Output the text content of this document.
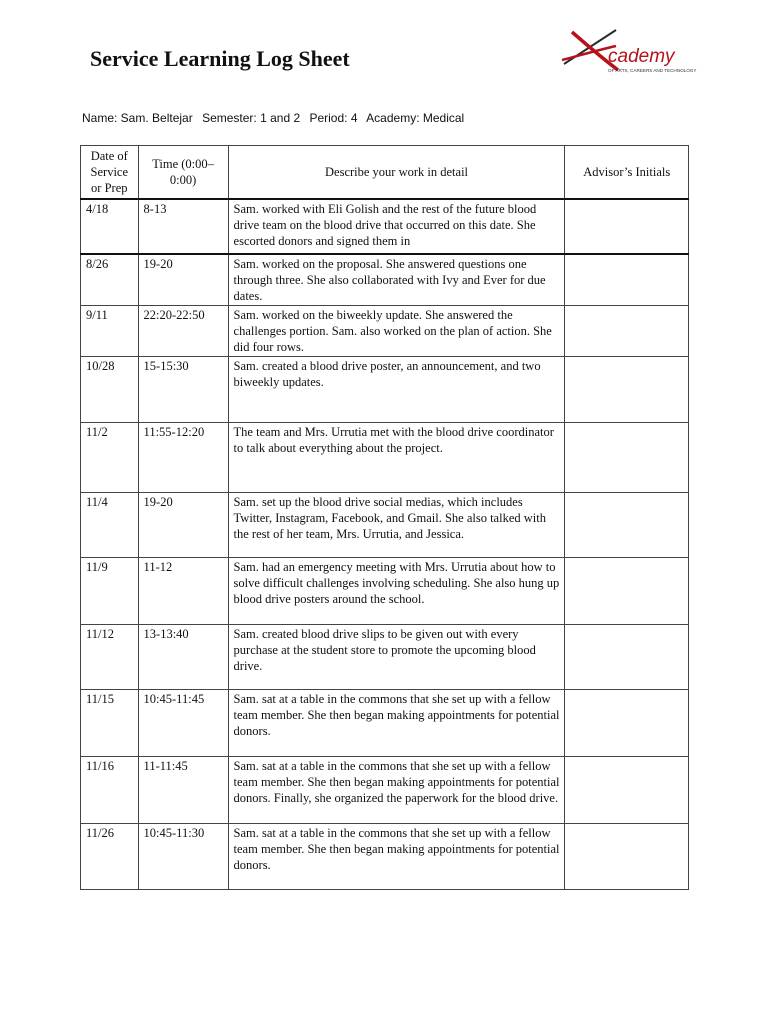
Service Learning Log Sheet	cademy
OF ARTS, CAREERS AND TECHNOLOGY
Name: Sam. Beltejar Semester: 1 and 2 Period: 4 Academy: Medical
Date of Service or Prep	Time (0:00–0:00)	Describe your work in detail	Advisor’s Initials
4/18	8-13	Sam. worked with Eli Golish and the rest of the future blood drive team on the blood drive that occurred on this date. She escorted donors and signed them in	
8/26	19-20	Sam. worked on the proposal. She answered questions one through three. She also collaborated with Ivy and Ever for due dates.	
9/11	22:20-22:50	Sam. worked on the biweekly update. She answered the challenges portion. Sam. also worked on the plan of action. She did four rows.	
10/28	15-15:30	Sam. created a blood drive poster, an announcement, and two biweekly updates.	
11/2	11:55-12:20	The team and Mrs. Urrutia met with the blood drive coordinator to talk about everything about the project.	
11/4	19-20	Sam. set up the blood drive social medias, which includes Twitter, Instagram, Facebook, and Gmail. She also talked with the rest of her team, Mrs. Urrutia, and Jessica.	
11/9	11-12	Sam. had an emergency meeting with Mrs. Urrutia about how to solve difficult challenges involving scheduling. She also hung up blood drive posters around the school.	
11/12	13-13:40	Sam. created blood drive slips to be given out with every purchase at the student store to promote the upcoming blood drive.	
11/15	10:45-11:45	Sam. sat at a table in the commons that she set up with a fellow team member. She then began making appointments for potential donors.	
11/16	11-11:45	Sam. sat at a table in the commons that she set up with a fellow team member. She then began making appointments for potential donors. Finally, she organized the paperwork for the blood drive.	
11/26	10:45-11:30	Sam. sat at a table in the commons that she set up with a fellow team member. She then began making appointments for potential donors.	
